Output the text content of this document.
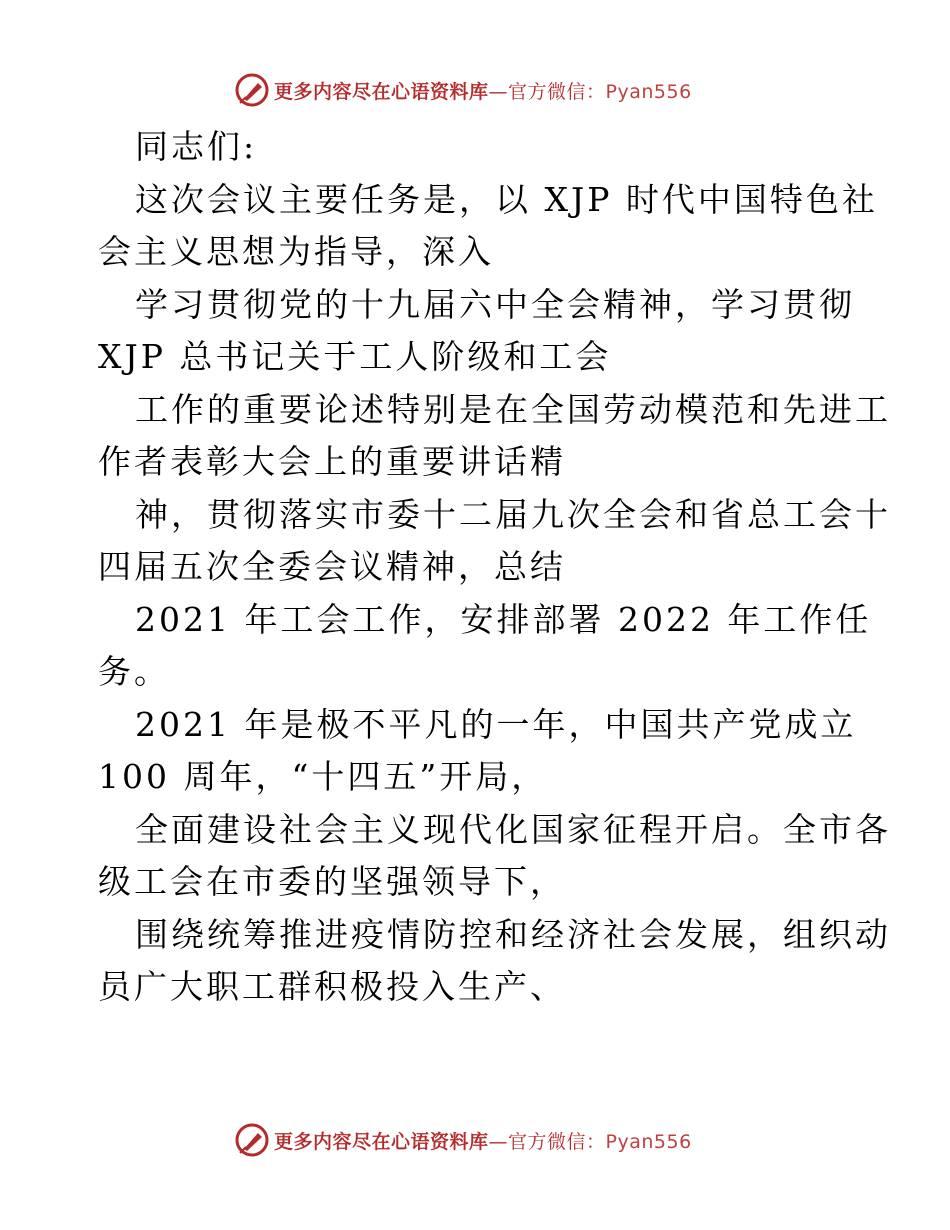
更多内容尽在心语资料库—官方微信：Pyan556
同志们:
这次会议主要任务是，以 XJP 时代中国特色社
会主义思想为指导，深入
学习贯彻党的十九届六中全会精神，学习贯彻
XJP 总书记关于工人阶级和工会
工作的重要论述特别是在全国劳动模范和先进工
作者表彰大会上的重要讲话精
神，贯彻落实市委十二届九次全会和省总工会十
四届五次全委会议精神，总结
2021 年工会工作，安排部署 2022 年工作任
务。
2021 年是极不平凡的一年，中国共产党成立
100 周年，“十四五”开局，
全面建设社会主义现代化国家征程开启。全市各
级工会在市委的坚强领导下，
围绕统筹推进疫情防控和经济社会发展，组织动
员广大职工群积极投入生产、
更多内容尽在心语资料库—官方微信：Pyan556
